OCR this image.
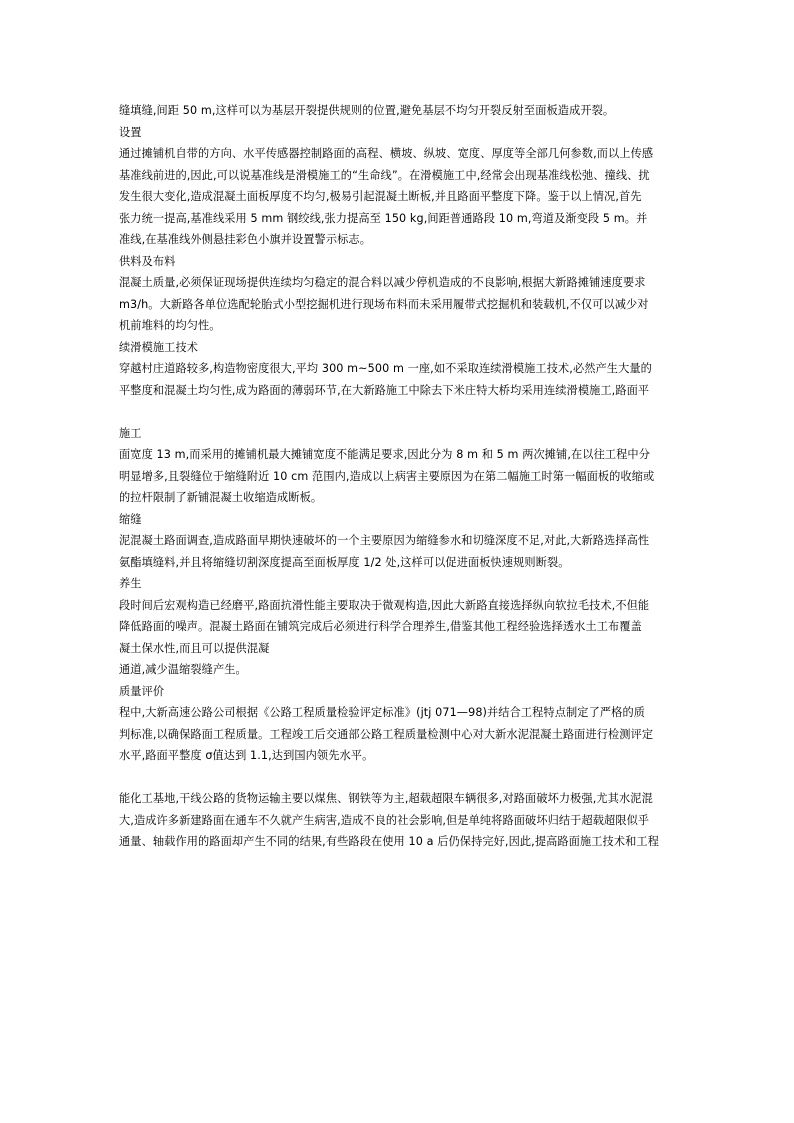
缝填缝,间距 50 m,这样可以为基层开裂提供规则的位置,避免基层不均匀开裂反射至面板造成开裂。
设置
通过摊铺机自带的方向、水平传感器控制路面的高程、横坡、纵坡、宽度、厚度等全部几何参数,而以上传感
基准线前进的,因此,可以说基准线是滑模施工的“生命线”。在滑模施工中,经常会出现基准线松弛、撞线、扰
发生很大变化,造成混凝土面板厚度不均匀,极易引起混凝土断板,并且路面平整度下降。鉴于以上情况,首先
张力统一提高,基准线采用 5 mm 钢绞线,张力提高至 150 kg,间距普通路段 10 m,弯道及渐变段 5 m。并
准线,在基准线外侧悬挂彩色小旗并设置警示标志。
供料及布料
混凝土质量,必须保证现场提供连续均匀稳定的混合料以减少停机造成的不良影响,根据大新路摊铺速度要求
m3/h。大新路各单位选配轮胎式小型挖掘机进行现场布料而未采用履带式挖掘机和装载机,不仅可以减少对
机前堆料的均匀性。
续滑模施工技术
穿越村庄道路较多,构造物密度很大,平均 300 m~500 m 一座,如不采取连续滑模施工技术,必然产生大量的
平整度和混凝土均匀性,成为路面的薄弱环节,在大新路施工中除去下米庄特大桥均采用连续滑模施工,路面平
施工
面宽度 13 m,而采用的摊铺机最大摊铺宽度不能满足要求,因此分为 8 m 和 5 m 两次摊铺,在以往工程中分
明显增多,且裂缝位于缩缝附近 10 cm 范围内,造成以上病害主要原因为在第二幅施工时第一幅面板的收缩或
的拉杆限制了新铺混凝土收缩造成断板。
缩缝
泥混凝土路面调查,造成路面早期快速破坏的一个主要原因为缩缝参水和切缝深度不足,对此,大新路选择高性
氨酯填缝料,并且将缩缝切割深度提高至面板厚度 1/2 处,这样可以促进面板快速规则断裂。
养生
段时间后宏观构造已经磨平,路面抗滑性能主要取决于微观构造,因此大新路直接选择纵向软拉毛技术,不但能
降低路面的噪声。混凝土路面在铺筑完成后必须进行科学合理养生,借鉴其他工程经验选择透水土工布覆盖
凝土保水性,而且可以提供混凝
通道,减少温缩裂缝产生。
质量评价
程中,大新高速公路公司根据《公路工程质量检验评定标准》(jtj 071—98)并结合工程特点制定了严格的质
判标准,以确保路面工程质量。工程竣工后交通部公路工程质量检测中心对大新水泥混凝土路面进行检测评定
水平,路面平整度 σ值达到 1.1,达到国内领先水平。
能化工基地,干线公路的货物运输主要以煤焦、钢铁等为主,超载超限车辆很多,对路面破坏力极强,尤其水泥混
大,造成许多新建路面在通车不久就产生病害,造成不良的社会影响,但是单纯将路面破坏归结于超载超限似乎
通量、轴载作用的路面却产生不同的结果,有些路段在使用 10 a 后仍保持完好,因此,提高路面施工技术和工程
